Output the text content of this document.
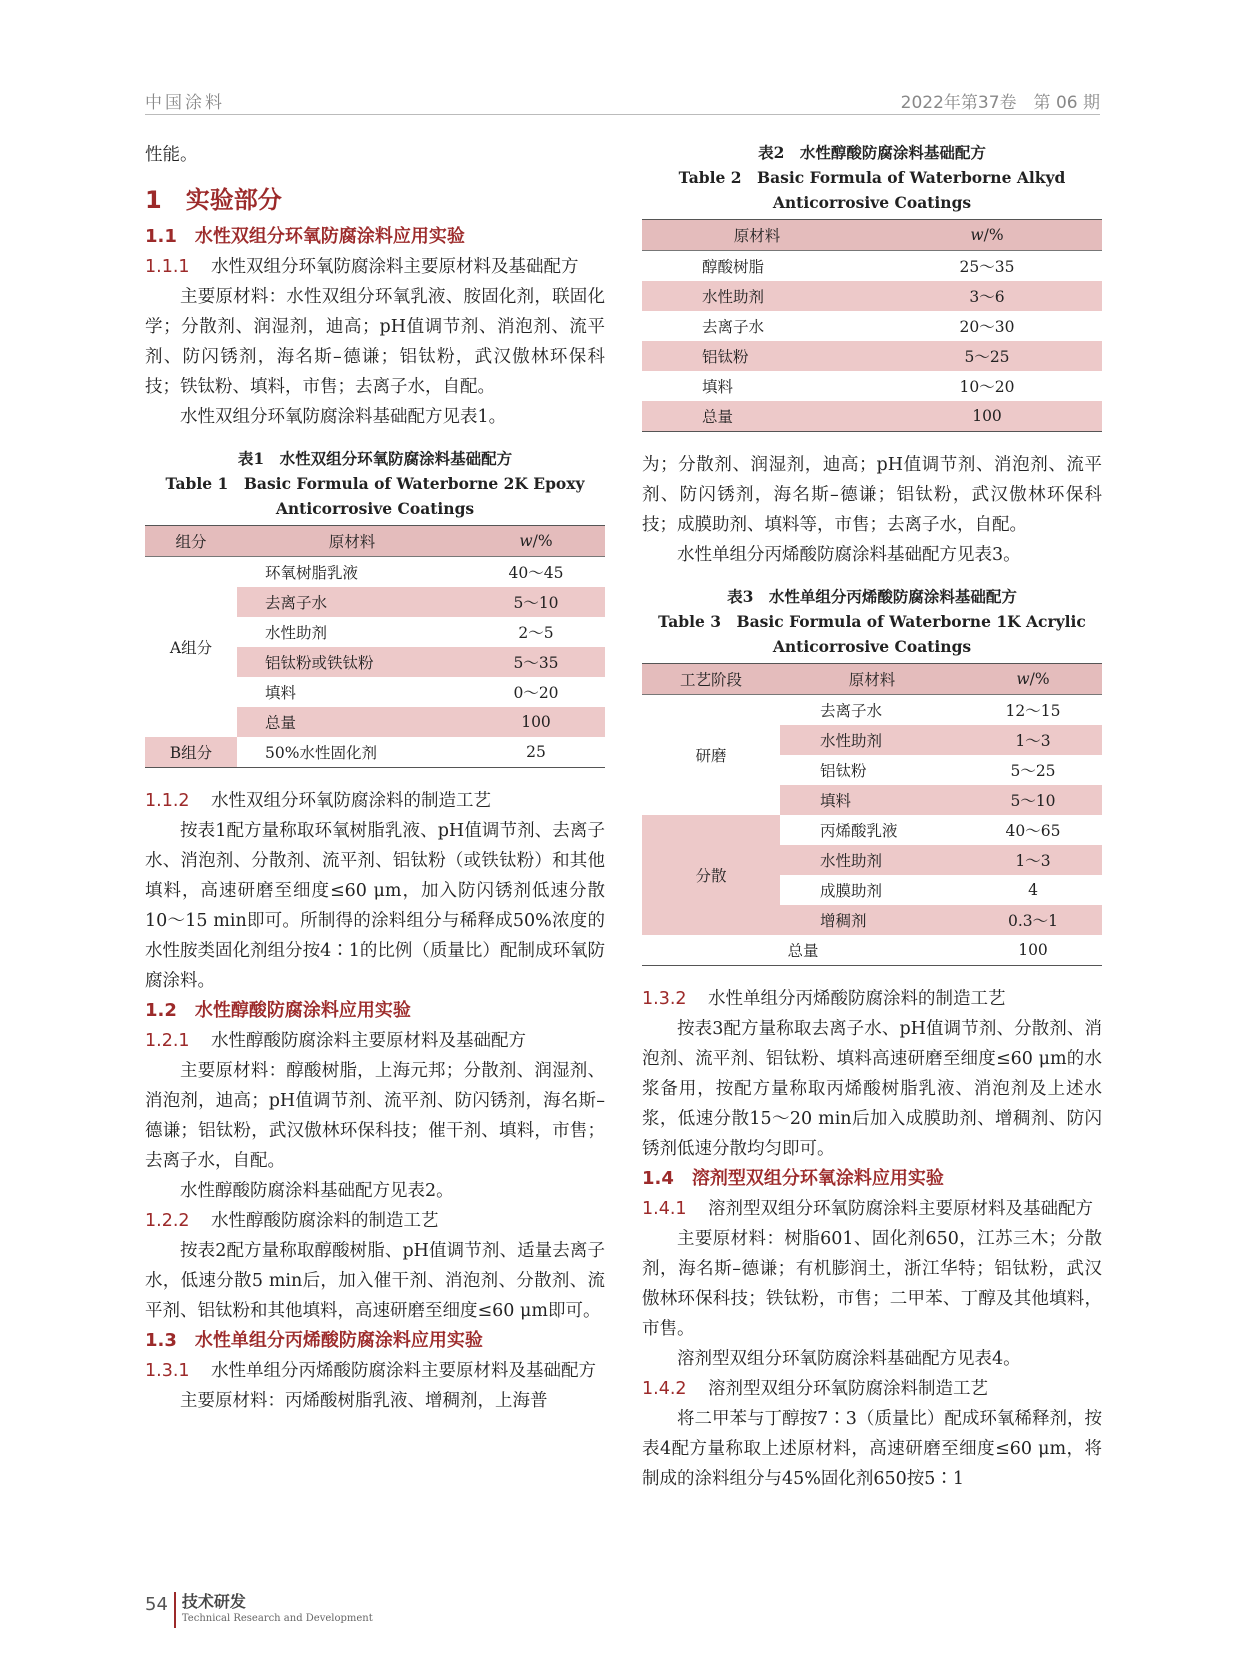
中国涂料	2022年第37卷　第 06 期

性能。

1　实验部分
1.1　水性双组分环氧防腐涂料应用实验
1.1.1	水性双组分环氧防腐涂料主要原材料及基础配方

主要原材料：水性双组分环氧乳液、胺固化剂，联固化学；分散剂、润湿剂，迪高；pH值调节剂、消泡剂、流平剂、防闪锈剂，海名斯–德谦；铝钛粉，武汉傲林环保科技；铁钛粉、填料，市售；去离子水，自配。

水性双组分环氧防腐涂料基础配方见表1。

表1　水性双组分环氧防腐涂料基础配方
Table 1　Basic Formula of Waterborne 2K Epoxy
Anticorrosive Coatings
组分	原材料	w/%
A组分	环氧树脂乳液	40～45
	去离子水	5～10
	水性助剂	2～5
	铝钛粉或铁钛粉	5～35
	填料	0～20
	总量	100
B组分	50%水性固化剂	25
1.1.2	水性双组分环氧防腐涂料的制造工艺

按表1配方量称取环氧树脂乳液、pH值调节剂、去离子水、消泡剂、分散剂、流平剂、铝钛粉（或铁钛粉）和其他填料，高速研磨至细度≤60 μm，加入防闪锈剂低速分散10～15 min即可。所制得的涂料组分与稀释成50%浓度的水性胺类固化剂组分按4∶1的比例（质量比）配制成环氧防腐涂料。

1.2　水性醇酸防腐涂料应用实验
1.2.1	水性醇酸防腐涂料主要原材料及基础配方

主要原材料：醇酸树脂，上海元邦；分散剂、润湿剂、消泡剂，迪高；pH值调节剂、流平剂、防闪锈剂，海名斯–德谦；铝钛粉，武汉傲林环保科技；催干剂、填料，市售；去离子水，自配。

水性醇酸防腐涂料基础配方见表2。

1.2.2	水性醇酸防腐涂料的制造工艺

按表2配方量称取醇酸树脂、pH值调节剂、适量去离子水，低速分散5 min后，加入催干剂、消泡剂、分散剂、流平剂、铝钛粉和其他填料，高速研磨至细度≤60 μm即可。

1.3　水性单组分丙烯酸防腐涂料应用实验
1.3.1	水性单组分丙烯酸防腐涂料主要原材料及基础配方

主要原材料：丙烯酸树脂乳液、增稠剂，上海普

表2　水性醇酸防腐涂料基础配方
Table 2　Basic Formula of Waterborne Alkyd
Anticorrosive Coatings
原材料	w/%
醇酸树脂	25～35
水性助剂	3～6
去离子水	20～30
铝钛粉	5～25
填料	10～20
总量	100

为；分散剂、润湿剂，迪高；pH值调节剂、消泡剂、流平剂、防闪锈剂，海名斯–德谦；铝钛粉，武汉傲林环保科技；成膜助剂、填料等，市售；去离子水，自配。

水性单组分丙烯酸防腐涂料基础配方见表3。

表3　水性单组分丙烯酸防腐涂料基础配方
Table 3　Basic Formula of Waterborne 1K Acrylic
Anticorrosive Coatings
工艺阶段	原材料	w/%
研磨	去离子水	12～15
	水性助剂	1～3
	铝钛粉	5～25
	填料	5～10
分散	丙烯酸乳液	40～65
	水性助剂	1～3
	成膜助剂	4
	增稠剂	0.3～1
总量		100
1.3.2	水性单组分丙烯酸防腐涂料的制造工艺

按表3配方量称取去离子水、pH值调节剂、分散剂、消泡剂、流平剂、铝钛粉、填料高速研磨至细度≤60 μm的水浆备用，按配方量称取丙烯酸树脂乳液、消泡剂及上述水浆，低速分散15～20 min后加入成膜助剂、增稠剂、防闪锈剂低速分散均匀即可。

1.4　溶剂型双组分环氧涂料应用实验
1.4.1	溶剂型双组分环氧防腐涂料主要原材料及基础配方

主要原材料：树脂601、固化剂650，江苏三木；分散剂，海名斯–德谦；有机膨润土，浙江华特；铝钛粉，武汉傲林环保科技；铁钛粉，市售；二甲苯、丁醇及其他填料，市售。

溶剂型双组分环氧防腐涂料基础配方见表4。

1.4.2	溶剂型双组分环氧防腐涂料制造工艺

将二甲苯与丁醇按7∶3（质量比）配成环氧稀释剂，按表4配方量称取上述原材料，高速研磨至细度≤60 μm，将制成的涂料组分与45%固化剂650按5∶1

54 技术研发
Technical Research and Development
